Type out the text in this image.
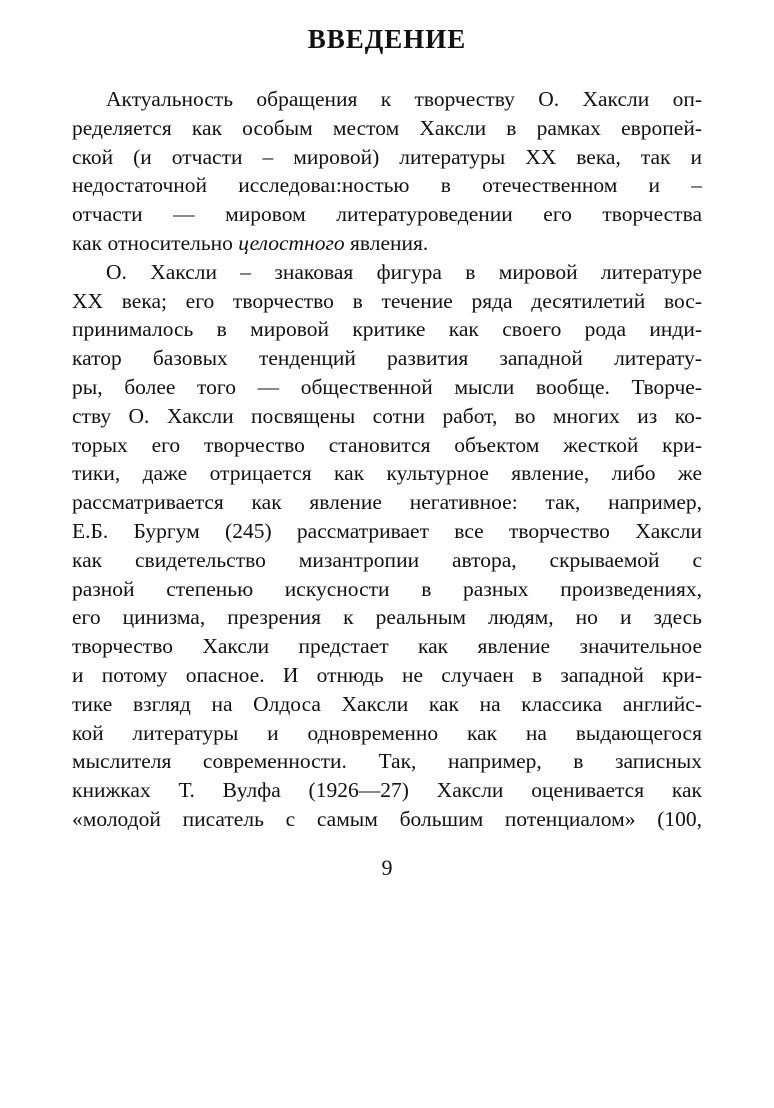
ВВЕДЕНИЕ
Актуальность обращения к творчеству О. Хаксли оп-
ределяется как особым местом Хаксли в рамках европей-
ской (и отчасти – мировой) литературы XX века, так и
недостаточной исследоваı:ностью в отечественном и –
отчасти — мировом литературоведении его творчества
как относительно целостного явления.
О. Хаксли – знаковая фигура в мировой литературе
XX века; его творчество в течение ряда десятилетий вос-
принималось в мировой критике как своего рода инди-
катор базовых тенденций развития западной литерату-
ры, более того — общественной мысли вообще. Творче-
ству О. Хаксли посвящены сотни работ, во многих из ко-
торых его творчество становится объектом жесткой кри-
тики, даже отрицается как культурное явление, либо же
рассматривается как явление негативное: так, например,
Е.Б. Бургум (245) рассматривает все творчество Хаксли
как свидетельство мизантропии автора, скрываемой с
разной степенью искусности в разных произведениях,
его цинизма, презрения к реальным людям, но и здесь
творчество Хаксли предстает как явление значительное
и потому опасное. И отнюдь не случаен в западной кри-
тике взгляд на Олдоса Хаксли как на классика английс-
кой литературы и одновременно как на выдающегося
мыслителя современности. Так, например, в записных
книжках Т. Вулфа (1926—27) Хаксли оценивается как
«молодой писатель с самым большим потенциалом» (100,
9
